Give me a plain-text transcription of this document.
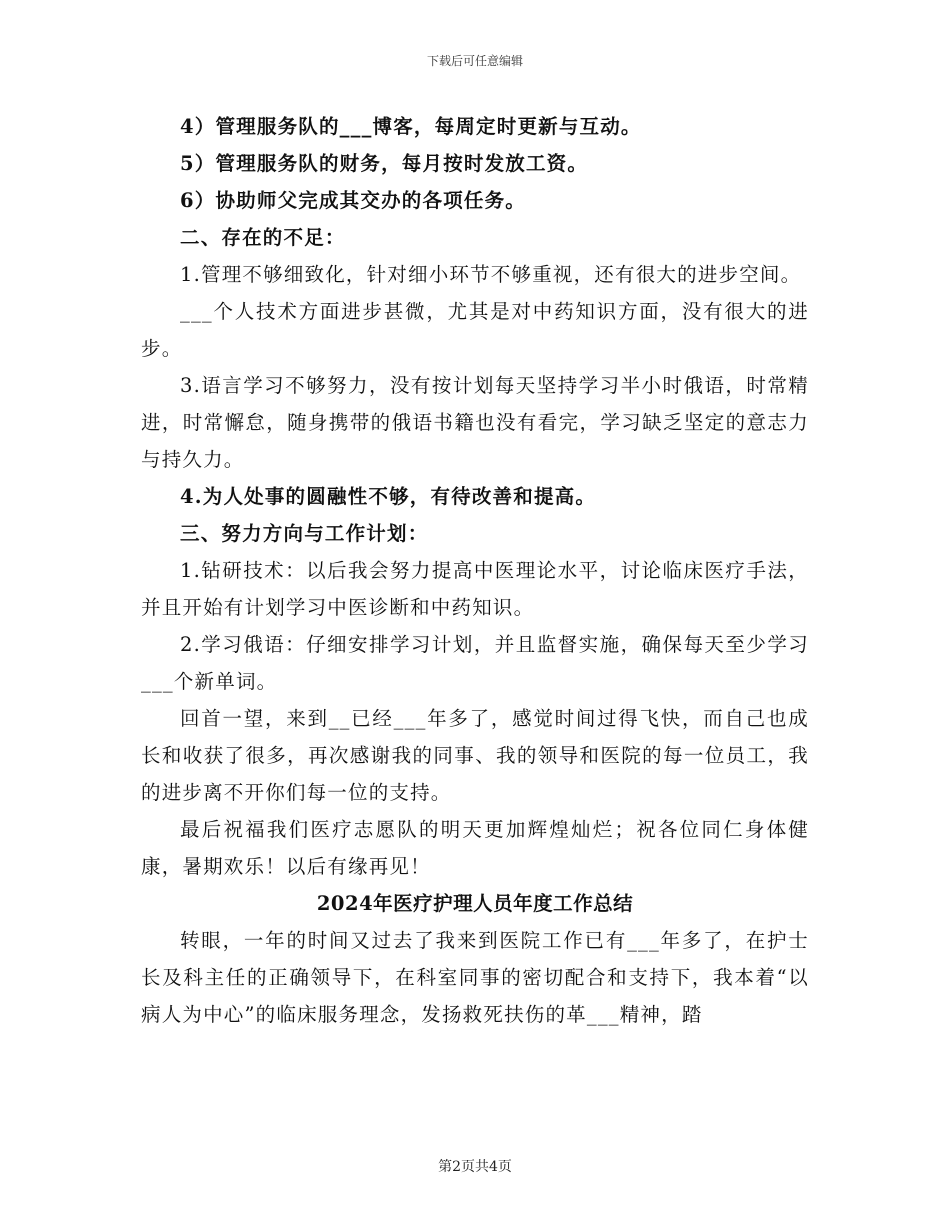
下载后可任意编辑

4）管理服务队的___博客，每周定时更新与互动。

5）管理服务队的财务，每月按时发放工资。

6）协助师父完成其交办的各项任务。

二、存在的不足：

1.管理不够细致化，针对细小环节不够重视，还有很大的进步空间。

___个人技术方面进步甚微，尤其是对中药知识方面，没有很大的进步。

3.语言学习不够努力，没有按计划每天坚持学习半小时俄语，时常精进，时常懈怠，随身携带的俄语书籍也没有看完，学习缺乏坚定的意志力与持久力。

4.为人处事的圆融性不够，有待改善和提高。

三、努力方向与工作计划：

1.钻研技术：以后我会努力提高中医理论水平，讨论临床医疗手法，并且开始有计划学习中医诊断和中药知识。

2.学习俄语：仔细安排学习计划，并且监督实施，确保每天至少学习___个新单词。

回首一望，来到__已经___年多了，感觉时间过得飞快，而自己也成长和收获了很多，再次感谢我的同事、我的领导和医院的每一位员工，我的进步离不开你们每一位的支持。

最后祝福我们医疗志愿队的明天更加辉煌灿烂；祝各位同仁身体健康，暑期欢乐！以后有缘再见！

2024年医疗护理人员年度工作总结

转眼，一年的时间又过去了我来到医院工作已有___年多了，在护士长及科主任的正确领导下，在科室同事的密切配合和支持下，我本着“以病人为中心”的临床服务理念，发扬救死扶伤的革___精神，踏

第2页共4页
